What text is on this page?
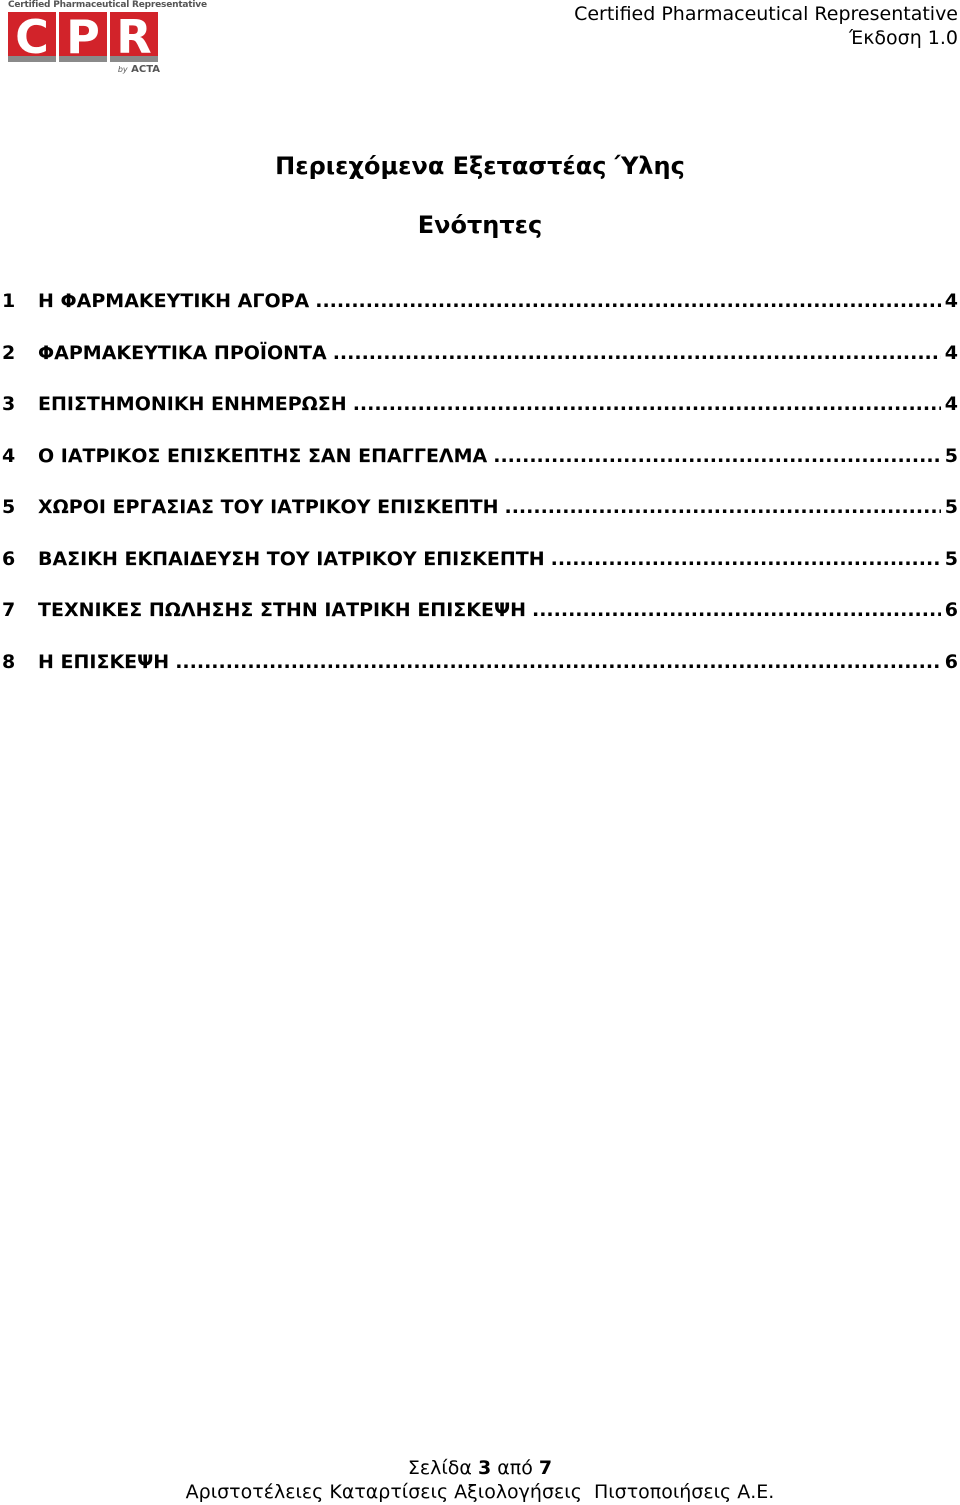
Certified Pharmaceutical Representative
C P R
by ACTA
Certified Pharmaceutical Representative
Έκδοση 1.0
Περιεχόμενα Εξεταστέας Ύλης
Ενότητες
1	Η ΦΑΡΜΑΚΕΥΤΙΚΗ ΑΓΟΡΑ .....	4
2	ΦΑΡΜΑΚΕΥΤΙΚΑ ΠΡΟΪΟΝΤΑ .....	4
3	ΕΠΙΣΤΗΜΟΝΙΚΗ ΕΝΗΜΕΡΩΣΗ .....	4
4	Ο ΙΑΤΡΙΚΟΣ ΕΠΙΣΚΕΠΤΗΣ ΣΑΝ ΕΠΑΓΓΕΛΜΑ .....	5
5	ΧΩΡΟΙ ΕΡΓΑΣΙΑΣ ΤΟΥ ΙΑΤΡΙΚΟΥ ΕΠΙΣΚΕΠΤΗ .....	5
6	ΒΑΣΙΚΗ ΕΚΠΑΙΔΕΥΣΗ ΤΟΥ ΙΑΤΡΙΚΟΥ ΕΠΙΣΚΕΠΤΗ .....	5
7	ΤΕΧΝΙΚΕΣ ΠΩΛΗΣΗΣ ΣΤΗΝ ΙΑΤΡΙΚΗ ΕΠΙΣΚΕΨΗ .....	6
8	Η ΕΠΙΣΚΕΨΗ .....	6
Σελίδα 3 από 7
Αριστοτέλειες Καταρτίσεις Αξιολογήσεις  Πιστοποιήσεις Α.Ε.
